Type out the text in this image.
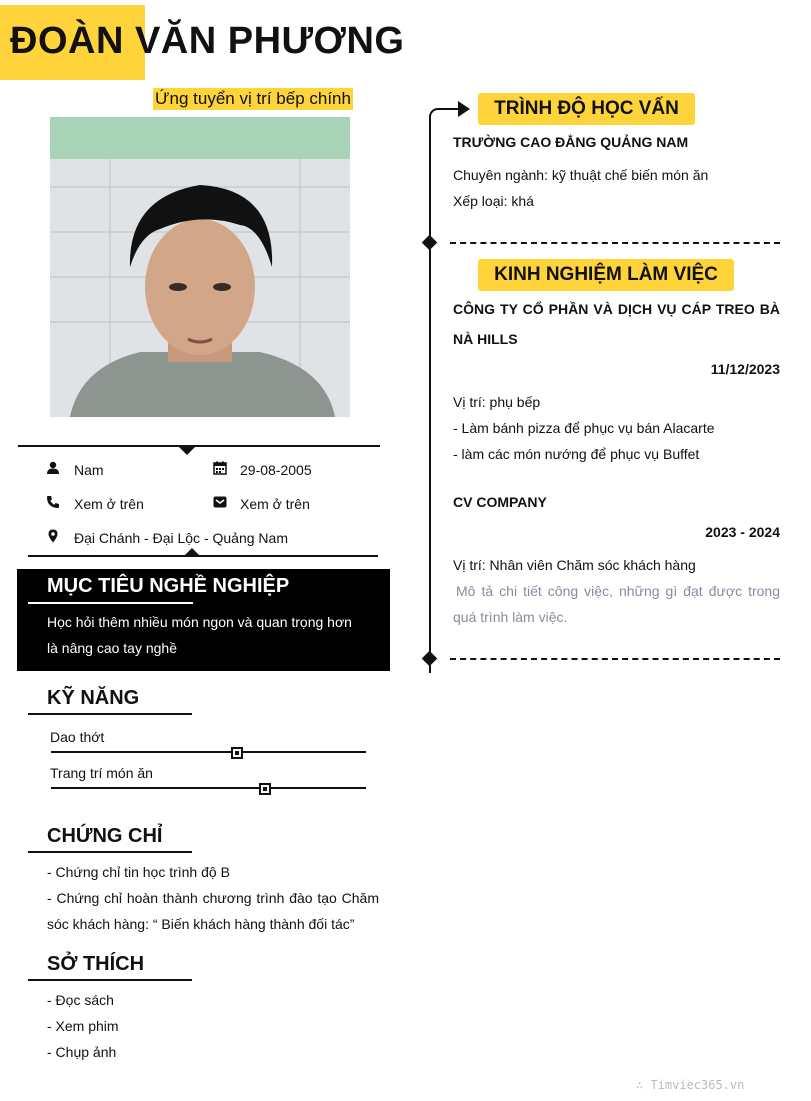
ĐOÀN VĂN PHƯƠNG
Ứng tuyển vị trí bếp chính
Nam	29-08-2005
Xem ở trên	Xem ở trên
Đại Chánh - Đại Lộc - Quảng Nam
MỤC TIÊU NGHỀ NGHIỆP
Học hỏi thêm nhiều món ngon và quan trọng hơn
là nâng cao tay nghề
KỸ NĂNG
Dao thớt
Trang trí món ăn
CHỨNG CHỈ
- Chứng chỉ tin học trình độ B
- Chứng chỉ hoàn thành chương trình đào tạo Chăm
sóc khách hàng: “ Biến khách hàng thành đối tác”
SỞ THÍCH
- Đọc sách
- Xem phim
- Chụp ảnh
TRÌNH ĐỘ HỌC VẤN
TRƯỜNG CAO ĐẲNG QUẢNG NAM
Chuyên ngành: kỹ thuật chế biến món ăn
Xếp loại: khá
KINH NGHIỆM LÀM VIỆC
CÔNG TY CỔ PHẦN VÀ DỊCH VỤ CÁP TREO BÀ
NÀ HILLS
11/12/2023
Vị trí: phụ bếp
- Làm bánh pizza để phục vụ bán Alacarte
- làm các món nướng để phục vụ Buffet
CV COMPANY
2023 - 2024
Vị trí: Nhân viên Chăm sóc khách hàng
Mô tả chi tiết công việc, những gì đạt được trong
quá trình làm việc.
∴ Timviec365.vn
